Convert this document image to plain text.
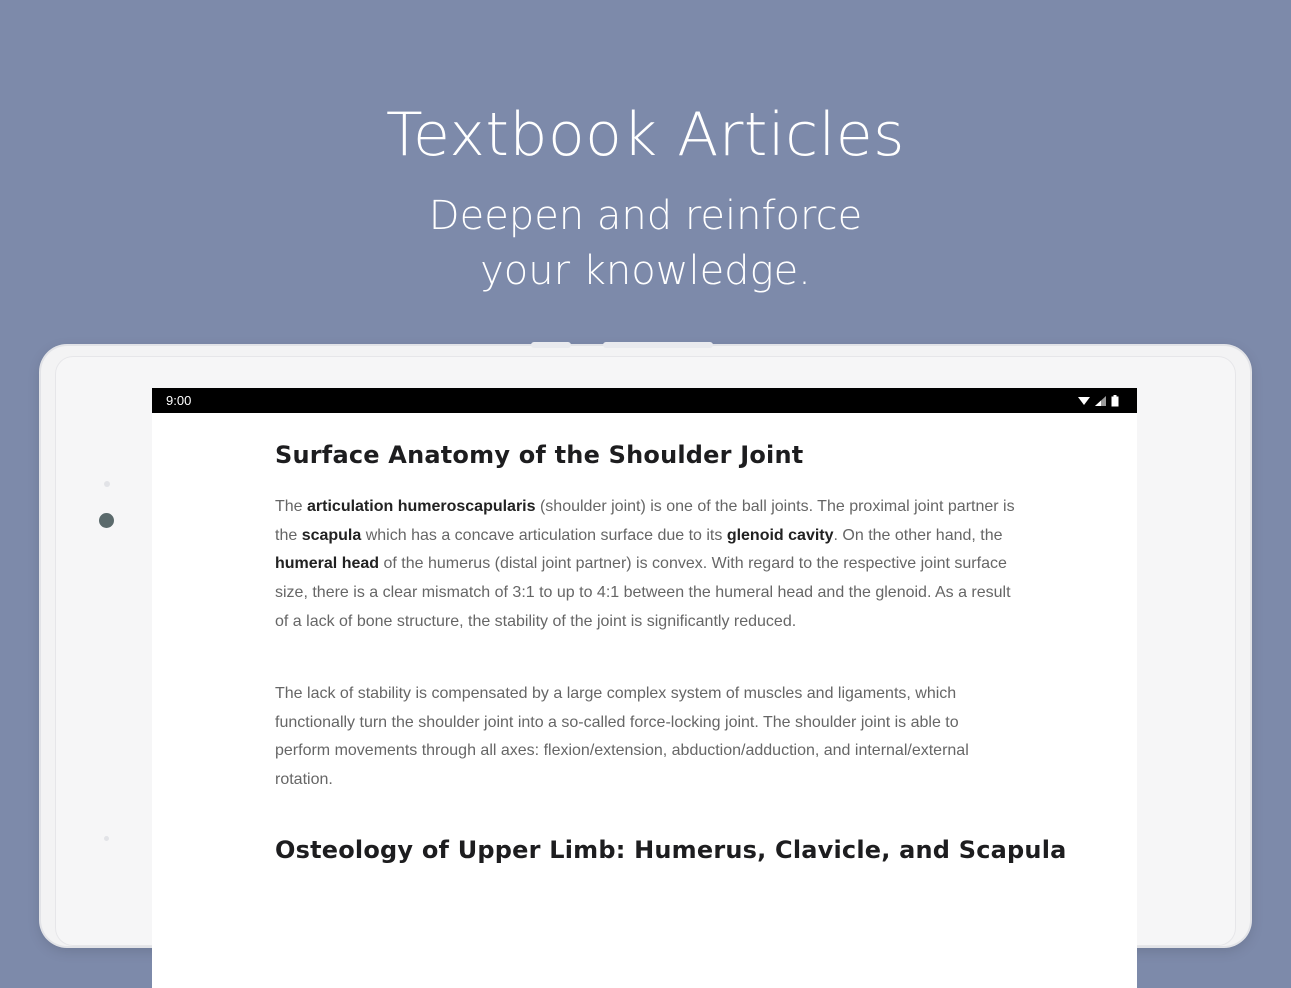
Textbook Articles
Deepen and reinforce
your knowledge.
9:00
Surface Anatomy of the Shoulder Joint

The articulation humeroscapularis (shoulder joint) is one of the ball joints. The proximal joint partner is the scapula which has a concave articulation surface due to its glenoid cavity. On the other hand, the humeral head of the humerus (distal joint partner) is convex. With regard to the respective joint surface size, there is a clear mismatch of 3:1 to up to 4:1 between the humeral head and the glenoid. As a result of a lack of bone structure, the stability of the joint is significantly reduced.

The lack of stability is compensated by a large complex system of muscles and ligaments, which functionally turn the shoulder joint into a so-called force-locking joint. The shoulder joint is able to perform movements through all axes: flexion/extension, abduction/adduction, and internal/external rotation.

Osteology of Upper Limb: Humerus, Clavicle, and Scapula
